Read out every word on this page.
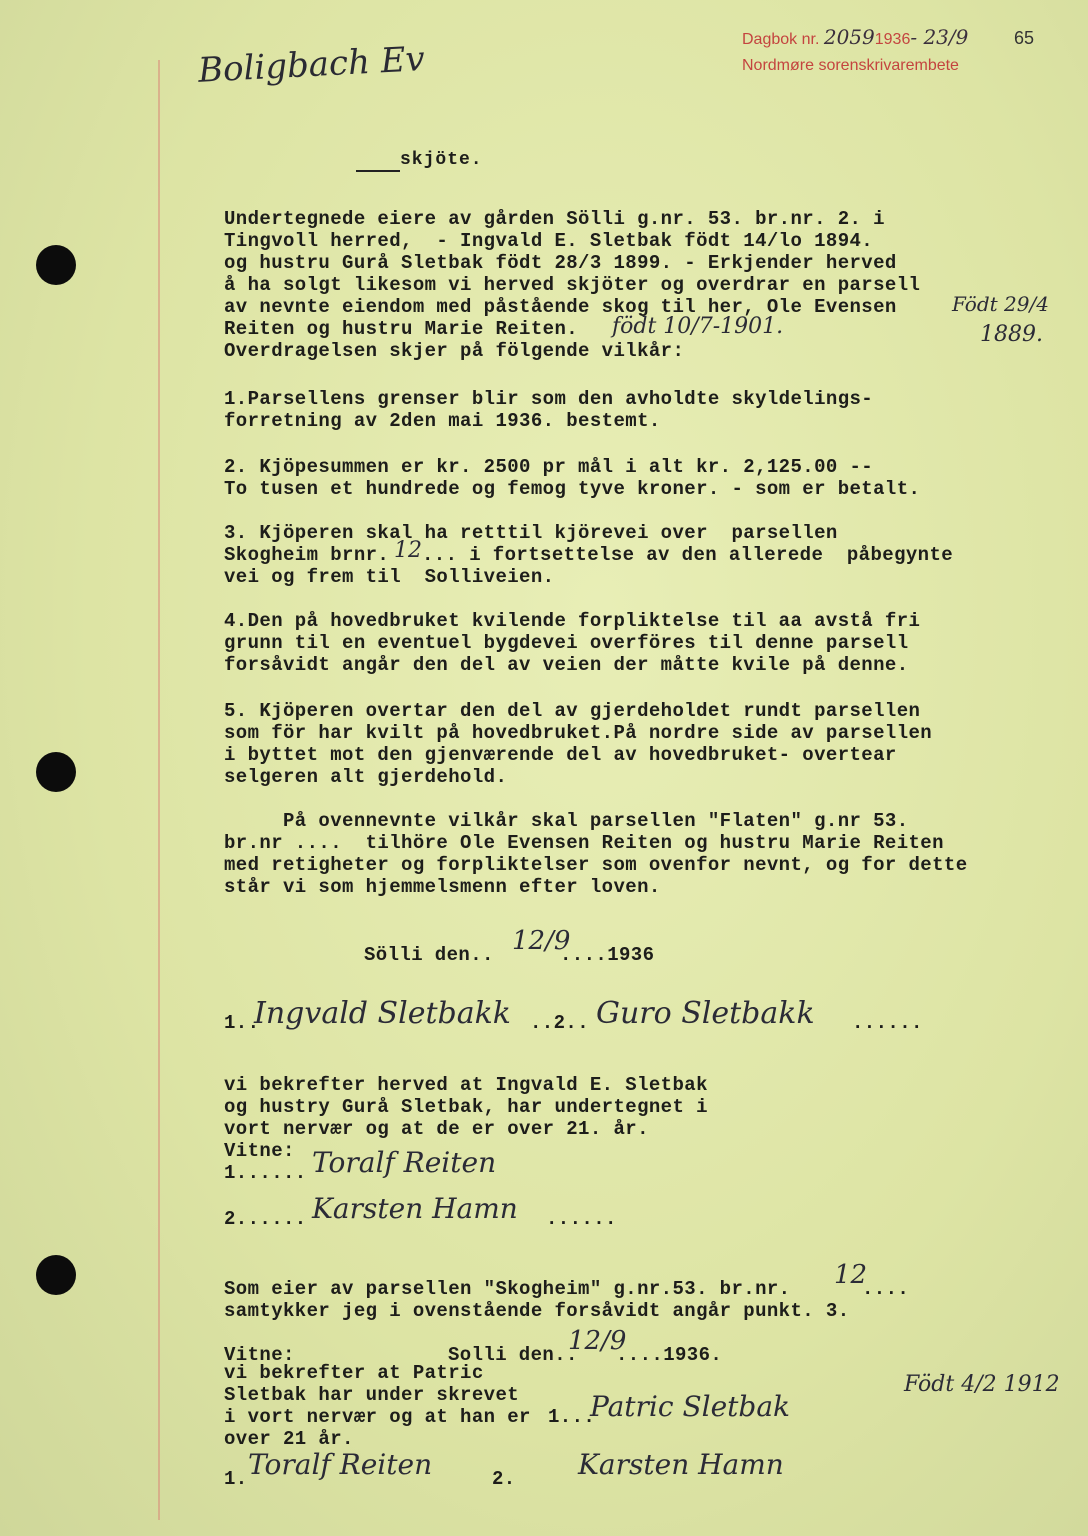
Boligbach Ev	Dagbok nr. 20591936- 23/9
Nordmøre sorenskrivarembete
65
skjöte.
Undertegnede eiere av gården Sölli g.nr. 53. br.nr. 2. i
Tingvoll herred,  - Ingvald E. Sletbak födt 14/lo 1894.
og hustru Gurå Sletbak födt 28/3 1899. - Erkjender herved
å ha solgt likesom vi herved skjöter og overdrar en parsell
av nevnte eiendom med påstående skog til her, Ole Evensen
Reiten og hustru Marie Reiten.
Overdragelsen skjer på fölgende vilkår:
Födt 29/4
1889.
födt 10/7-1901.
1.Parsellens grenser blir som den avholdte skyldelings-
forretning av 2den mai 1936. bestemt.
2. Kjöpesummen er kr. 2500 pr mål i alt kr. 2,125.00 --
To tusen et hundrede og femog tyve kroner. - som er betalt.
3. Kjöperen skal ha retttil kjörevei over  parsellen
Skogheim brnr. 12 ... i fortsettelse av den allerede  påbegynte
vei og frem til  Solliveien.
4.Den på hovedbruket kvilende forpliktelse til aa avstå fri
grunn til en eventuel bygdevei overföres til denne parsell
forsåvidt angår den del av veien der måtte kvile på denne.
5. Kjöperen overtar den del av gjerdeholdet rundt parsellen
som för har kvilt på hovedbruket.På nordre side av parsellen
i byttet mot den gjenværende del av hovedbruket- overtear
selgeren alt gjerdehold.
På ovennevnte vilkår skal parsellen "Flaten" g.nr 53.
br.nr ....  tilhöre Ole Evensen Reiten og hustru Marie Reiten
med retigheter og forpliktelser som ovenfor nevnt, og for dette
står vi som hjemmelsmenn efter loven.
Sölli den.. 12/9
....1936
1..
Ingvald Sletbakk ..2.. Guro Sletbakk ......
vi bekrefter herved at Ingvald E. Sletbak
og hustry Gurå Sletbak, har undertegnet i
vort nervær og at de er over 21. år.
Vitne:
1...... Toralf Reiten
2...... Karsten Hamn ......
Som eier av parsellen "Skogheim" g.nr.53. br.nr. 12
....
samtykker jeg i ovenstående forsåvidt angår punkt. 3.
Vitne:	Solli den..
12/9
....1936.
vi bekrefter at Patric
Sletbak har under skrevet
i vort nervær og at han er
over 21 år.
1...
Patric Sletbak
Födt 4/2 1912
1. Toralf Reiten	2. Karsten Hamn
